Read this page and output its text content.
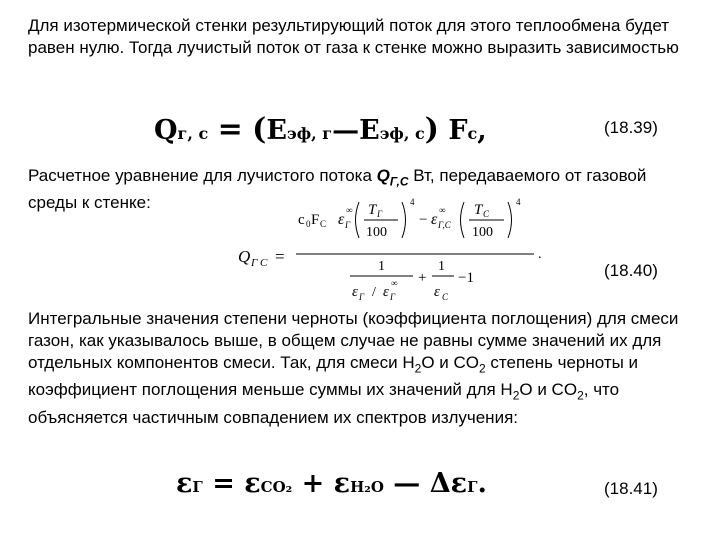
Для изотермической стенки результирующий поток для этого теплообмена будет равен нулю. Тогда лучистый поток от газа к стенке можно выразить зависимостью

Qг, с = (Eэф, г—Eэф, с) Fс,	(18.39)

Расчетное уравнение для лучистого потока $Q_{Г,С}$ Вт, передаваемого от газовой среды к стенке:

Q Г С =
c 0 F С ε
∞
Г
T Г
100
4
− ε
∞
Г,С
T С
100
4
.
1
ε Г / ε
∞
Г
+
1
ε С
−1	(18.40)

Интегральные значения степени черноты (коэффициента поглощения) для смеси газон, как указывалось выше, в общем случае не равны сумме значений их для отдельных компонентов смеси. Так, для смеси $H_2O$ и $CO_2$ степень черноты и коэффициент поглощения меньше суммы их значений для $H_2O$ и $CO_2$, что объясняется частичным совпадением их спектров излучения:

εГ = εCO₂ + εH₂O — ΔεГ.	(18.41)
